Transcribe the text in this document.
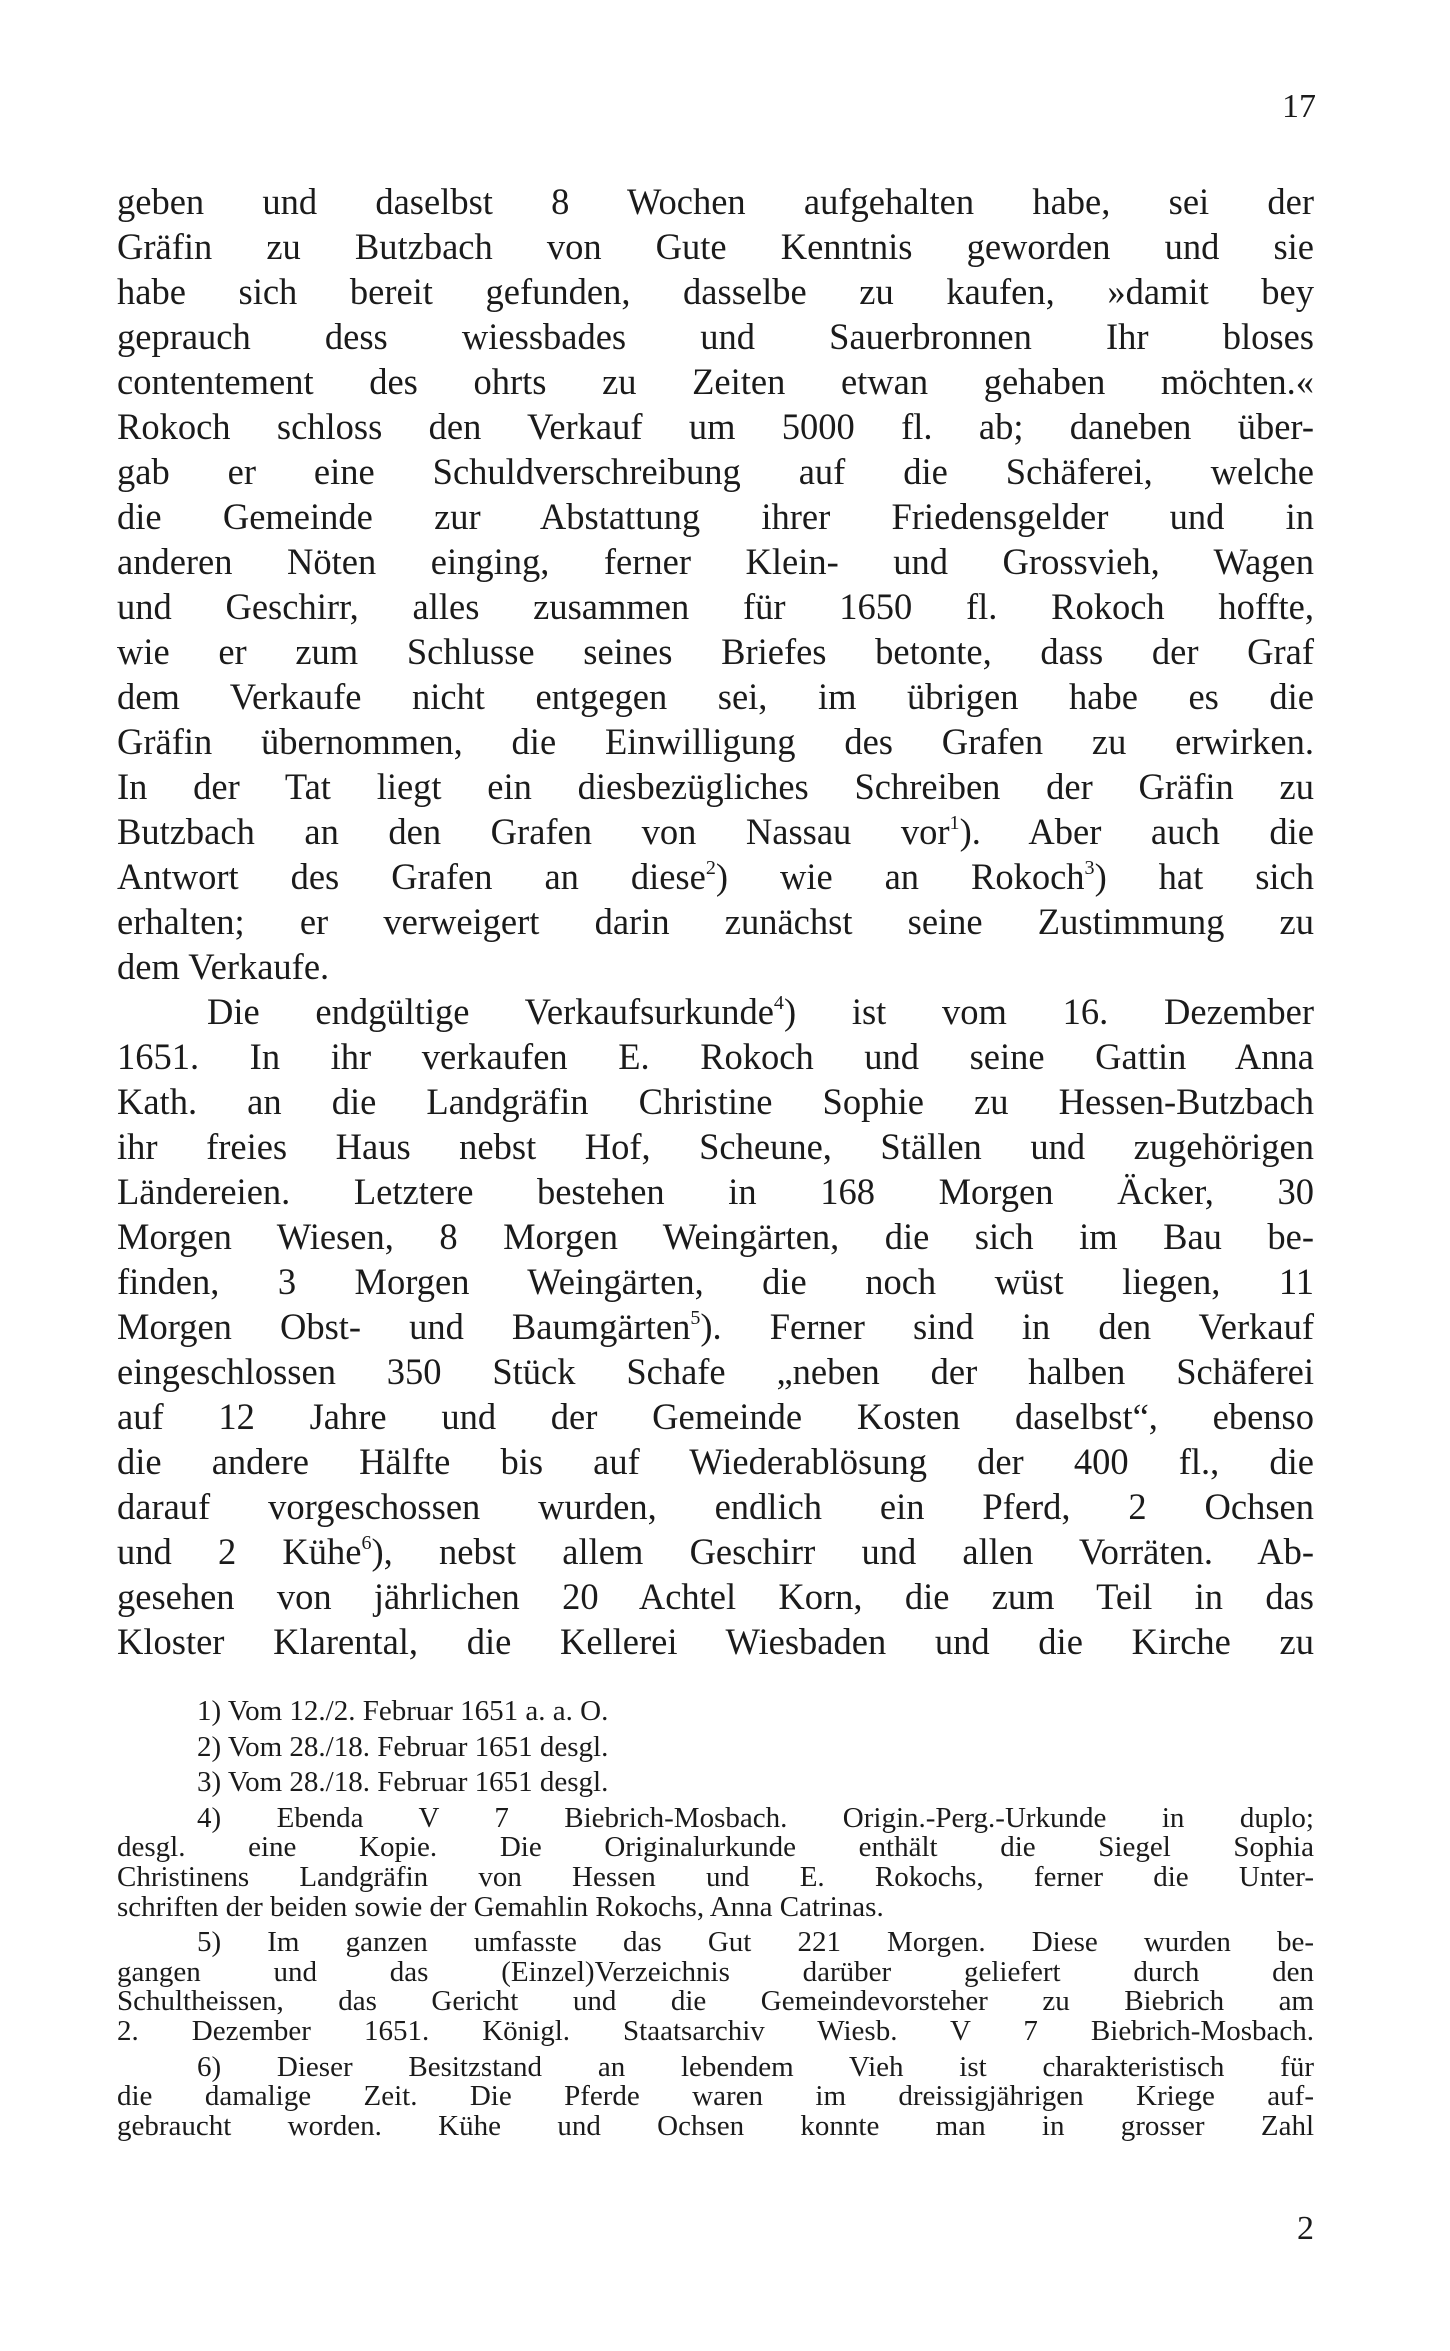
17
geben und daselbst 8 Wochen aufgehalten habe, sei der
Gräfin zu Butzbach von Gute Kenntnis geworden und sie
habe sich bereit gefunden, dasselbe zu kaufen, »damit bey
geprauch dess wiessbades und Sauerbronnen Ihr bloses
contentement des ohrts zu Zeiten etwan gehaben möchten.«
Rokoch schloss den Verkauf um 5000 fl. ab; daneben über-
gab er eine Schuldverschreibung auf die Schäferei, welche
die Gemeinde zur Abstattung ihrer Friedensgelder und in
anderen Nöten einging, ferner Klein- und Grossvieh, Wagen
und Geschirr, alles zusammen für 1650 fl. Rokoch hoffte,
wie er zum Schlusse seines Briefes betonte, dass der Graf
dem Verkaufe nicht entgegen sei, im übrigen habe es die
Gräfin übernommen, die Einwilligung des Grafen zu erwirken.
In der Tat liegt ein diesbezügliches Schreiben der Gräfin zu
Butzbach an den Grafen von Nassau vor$^1$). Aber auch die
Antwort des Grafen an diese$^2$) wie an Rokoch$^3$) hat sich
erhalten; er verweigert darin zunächst seine Zustimmung zu
dem Verkaufe.
Die endgültige Verkaufsurkunde$^4$) ist vom 16. Dezember
1651. In ihr verkaufen E. Rokoch und seine Gattin Anna
Kath. an die Landgräfin Christine Sophie zu Hessen-Butzbach
ihr freies Haus nebst Hof, Scheune, Ställen und zugehörigen
Ländereien. Letztere bestehen in 168 Morgen Äcker, 30
Morgen Wiesen, 8 Morgen Weingärten, die sich im Bau be-
finden, 3 Morgen Weingärten, die noch wüst liegen, 11
Morgen Obst- und Baumgärten$^5$). Ferner sind in den Verkauf
eingeschlossen 350 Stück Schafe „neben der halben Schäferei
auf 12 Jahre und der Gemeinde Kosten daselbst“, ebenso
die andere Hälfte bis auf Wiederablösung der 400 fl., die
darauf vorgeschossen wurden, endlich ein Pferd, 2 Ochsen
und 2 Kühe$^6$), nebst allem Geschirr und allen Vorräten. Ab-
gesehen von jährlichen 20 Achtel Korn, die zum Teil in das
Kloster Klarental, die Kellerei Wiesbaden und die Kirche zu
1) Vom 12./2. Februar 1651 a. a. O.
2) Vom 28./18. Februar 1651 desgl.
3) Vom 28./18. Februar 1651 desgl.
4) Ebenda V 7 Biebrich-Mosbach. Origin.-Perg.-Urkunde in duplo;
desgl. eine Kopie. Die Originalurkunde enthält die Siegel Sophia
Christinens Landgräfin von Hessen und E. Rokochs, ferner die Unter-
schriften der beiden sowie der Gemahlin Rokochs, Anna Catrinas.
5) Im ganzen umfasste das Gut 221 Morgen. Diese wurden be-
gangen und das (Einzel)Verzeichnis darüber geliefert durch den
Schultheissen, das Gericht und die Gemeindevorsteher zu Biebrich am
2. Dezember 1651. Königl. Staatsarchiv Wiesb. V 7 Biebrich-Mosbach.
6) Dieser Besitzstand an lebendem Vieh ist charakteristisch für
die damalige Zeit. Die Pferde waren im dreissigjährigen Kriege auf-
gebraucht worden. Kühe und Ochsen konnte man in grosser Zahl
2
